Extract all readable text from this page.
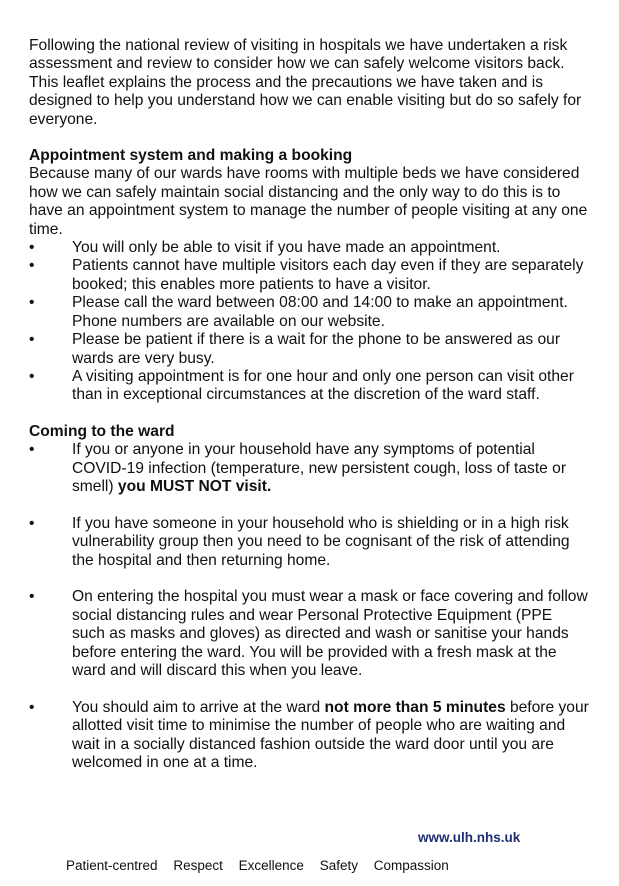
Following the national review of visiting in hospitals we have undertaken a risk assessment and review to consider how we can safely welcome visitors back. This leaflet explains the process and the precautions we have taken and is designed to help you understand how we can enable visiting but do so safely for everyone.

Appointment system and making a booking

Because many of our wards have rooms with multiple beds we have considered how we can safely maintain social distancing and the only way to do this is to have an appointment system to manage the number of people visiting at any one time.

• You will only be able to visit if you have made an appointment.
• Patients cannot have multiple visitors each day even if they are separately booked; this enables more patients to have a visitor.
• Please call the ward between 08:00 and 14:00 to make an appointment. Phone numbers are available on our website.
• Please be patient if there is a wait for the phone to be answered as our wards are very busy.
• A visiting appointment is for one hour and only one person can visit other than in exceptional circumstances at the discretion of the ward staff.
Coming to the ward
• If you or anyone in your household have any symptoms of potential COVID-19 infection (temperature, new persistent cough, loss of taste or smell) you MUST NOT visit.
• If you have someone in your household who is shielding or in a high risk vulnerability group then you need to be cognisant of the risk of attending the hospital and then returning home.
• On entering the hospital you must wear a mask or face covering and follow social distancing rules and wear Personal Protective Equipment (PPE such as masks and gloves) as directed and wash or sanitise your hands before entering the ward. You will be provided with a fresh mask at the ward and will discard this when you leave.
• You should aim to arrive at the ward not more than 5 minutes before your allotted visit time to minimise the number of people who are waiting and wait in a socially distanced fashion outside the ward door until you are welcomed in one at a time.
www.ulh.nhs.uk
Patient-centred Respect Excellence Safety Compassion
